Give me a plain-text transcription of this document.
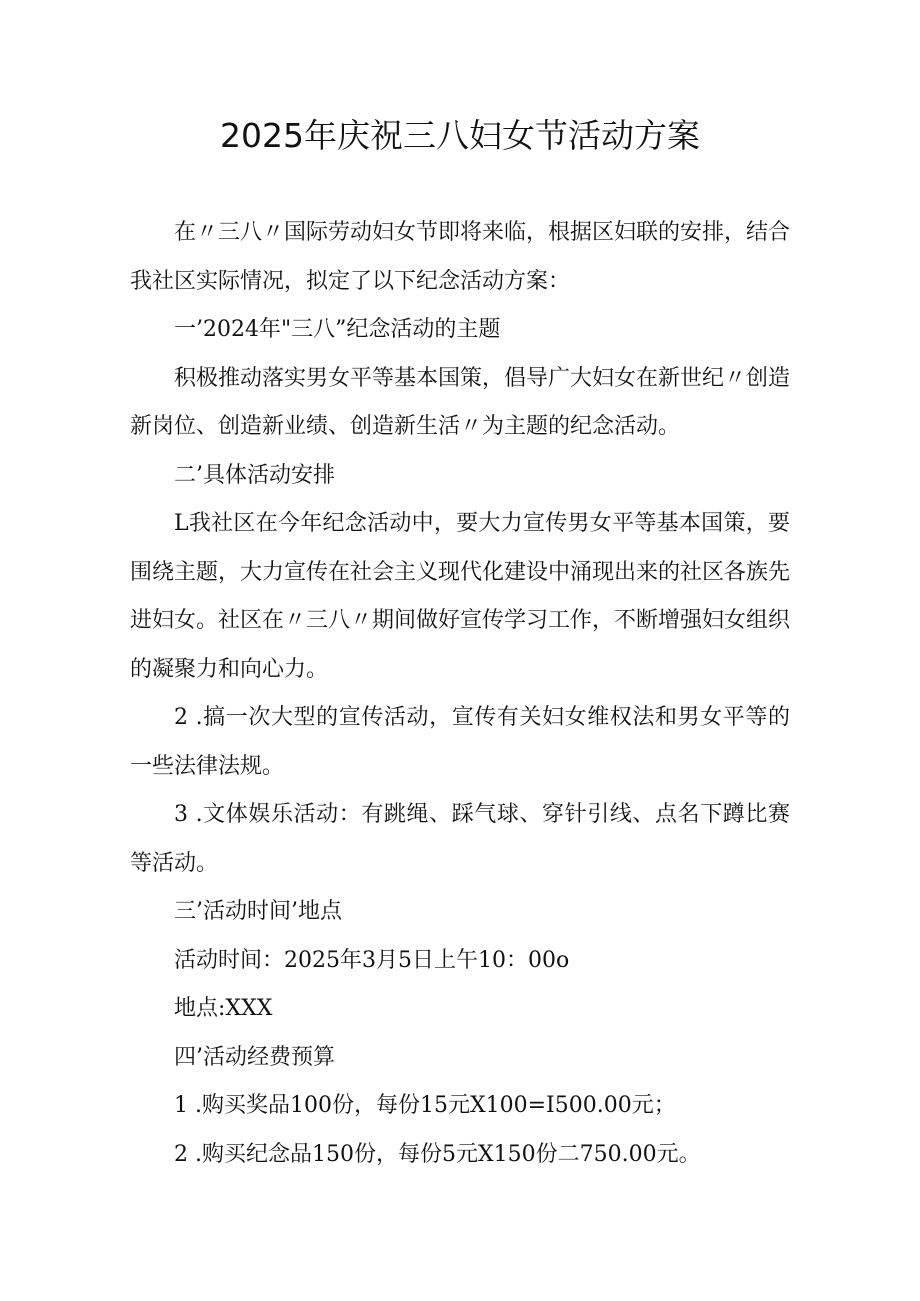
2025年庆祝三八妇女节活动方案

在〃三八〃国际劳动妇女节即将来临，根据区妇联的安排，结合我社区实际情况，拟定了以下纪念活动方案：

一’2024年"三八”纪念活动的主题

积极推动落实男女平等基本国策，倡导广大妇女在新世纪〃创造新岗位、创造新业绩、创造新生活〃为主题的纪念活动。

二’具体活动安排

L我社区在今年纪念活动中，要大力宣传男女平等基本国策，要围绕主题，大力宣传在社会主义现代化建设中涌现出来的社区各族先进妇女。社区在〃三八〃期间做好宣传学习工作，不断增强妇女组织的凝聚力和向心力。

2 .搞一次大型的宣传活动，宣传有关妇女维权法和男女平等的一些法律法规。

3 .文体娱乐活动：有跳绳、踩气球、穿针引线、点名下蹲比赛等活动。

三’活动时间’地点

活动时间：2025年3月5日上午10：00o

地点:XXX

四’活动经费预算

1 .购买奖品100份，每份15元X100=I500.00元；

2 .购买纪念品150份，每份5元X150份二750.00元。
